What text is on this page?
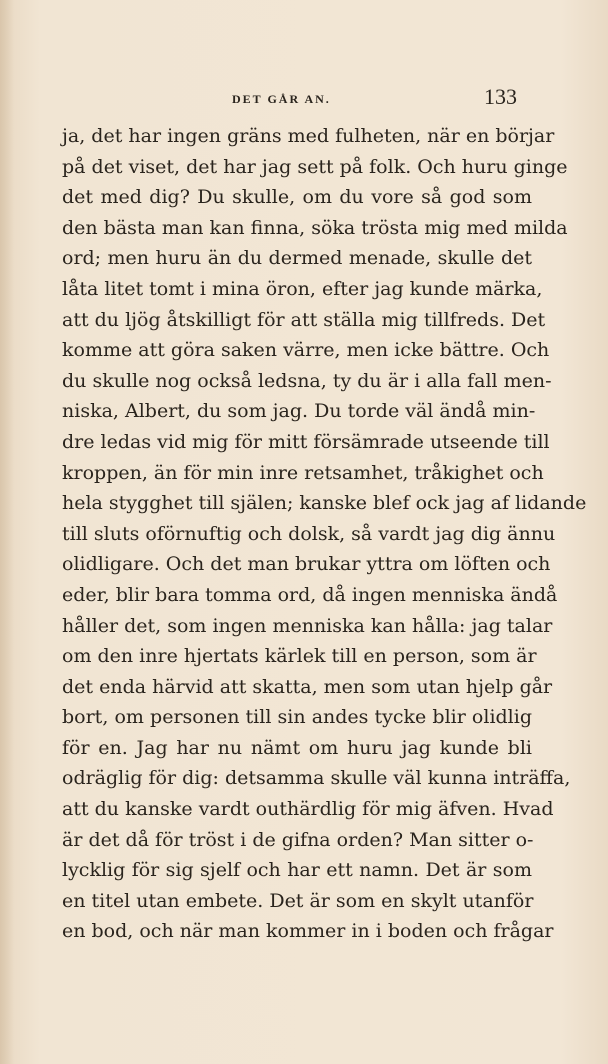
DET GÅR AN.	133
ja, det har ingen gräns med fulheten, när en börjar
på det viset, det har jag sett på folk. Och huru ginge
det med dig? Du skulle, om du vore så god som
den bästa man kan finna, söka trösta mig med milda
ord; men huru än du dermed menade, skulle det
låta litet tomt i mina öron, efter jag kunde märka,
att du ljög åtskilligt för att ställa mig tillfreds. Det
komme att göra saken värre, men icke bättre. Och
du skulle nog också ledsna, ty du är i alla fall men-
niska, Albert, du som jag. Du torde väl ändå min-
dre ledas vid mig för mitt försämrade utseende till
kroppen, än för min inre retsamhet, tråkighet och
hela stygghet till själen; kanske blef ock jag af lidande
till sluts oförnuftig och dolsk, så vardt jag dig ännu
olidligare. Och det man brukar yttra om löften och
eder, blir bara tomma ord, då ingen menniska ändå
håller det, som ingen menniska kan hålla: jag talar
om den inre hjertats kärlek till en person, som är
det enda härvid att skatta, men som utan hjelp går
bort, om personen till sin andes tycke blir olidlig
för en. Jag har nu nämt om huru jag kunde bli
odräglig för dig: detsamma skulle väl kunna inträffa,
att du kanske vardt outhärdlig för mig äfven. Hvad
är det då för tröst i de gifna orden? Man sitter o-
lycklig för sig sjelf och har ett namn. Det är som
en titel utan embete. Det är som en skylt utanför
en bod, och när man kommer in i boden och frågar
